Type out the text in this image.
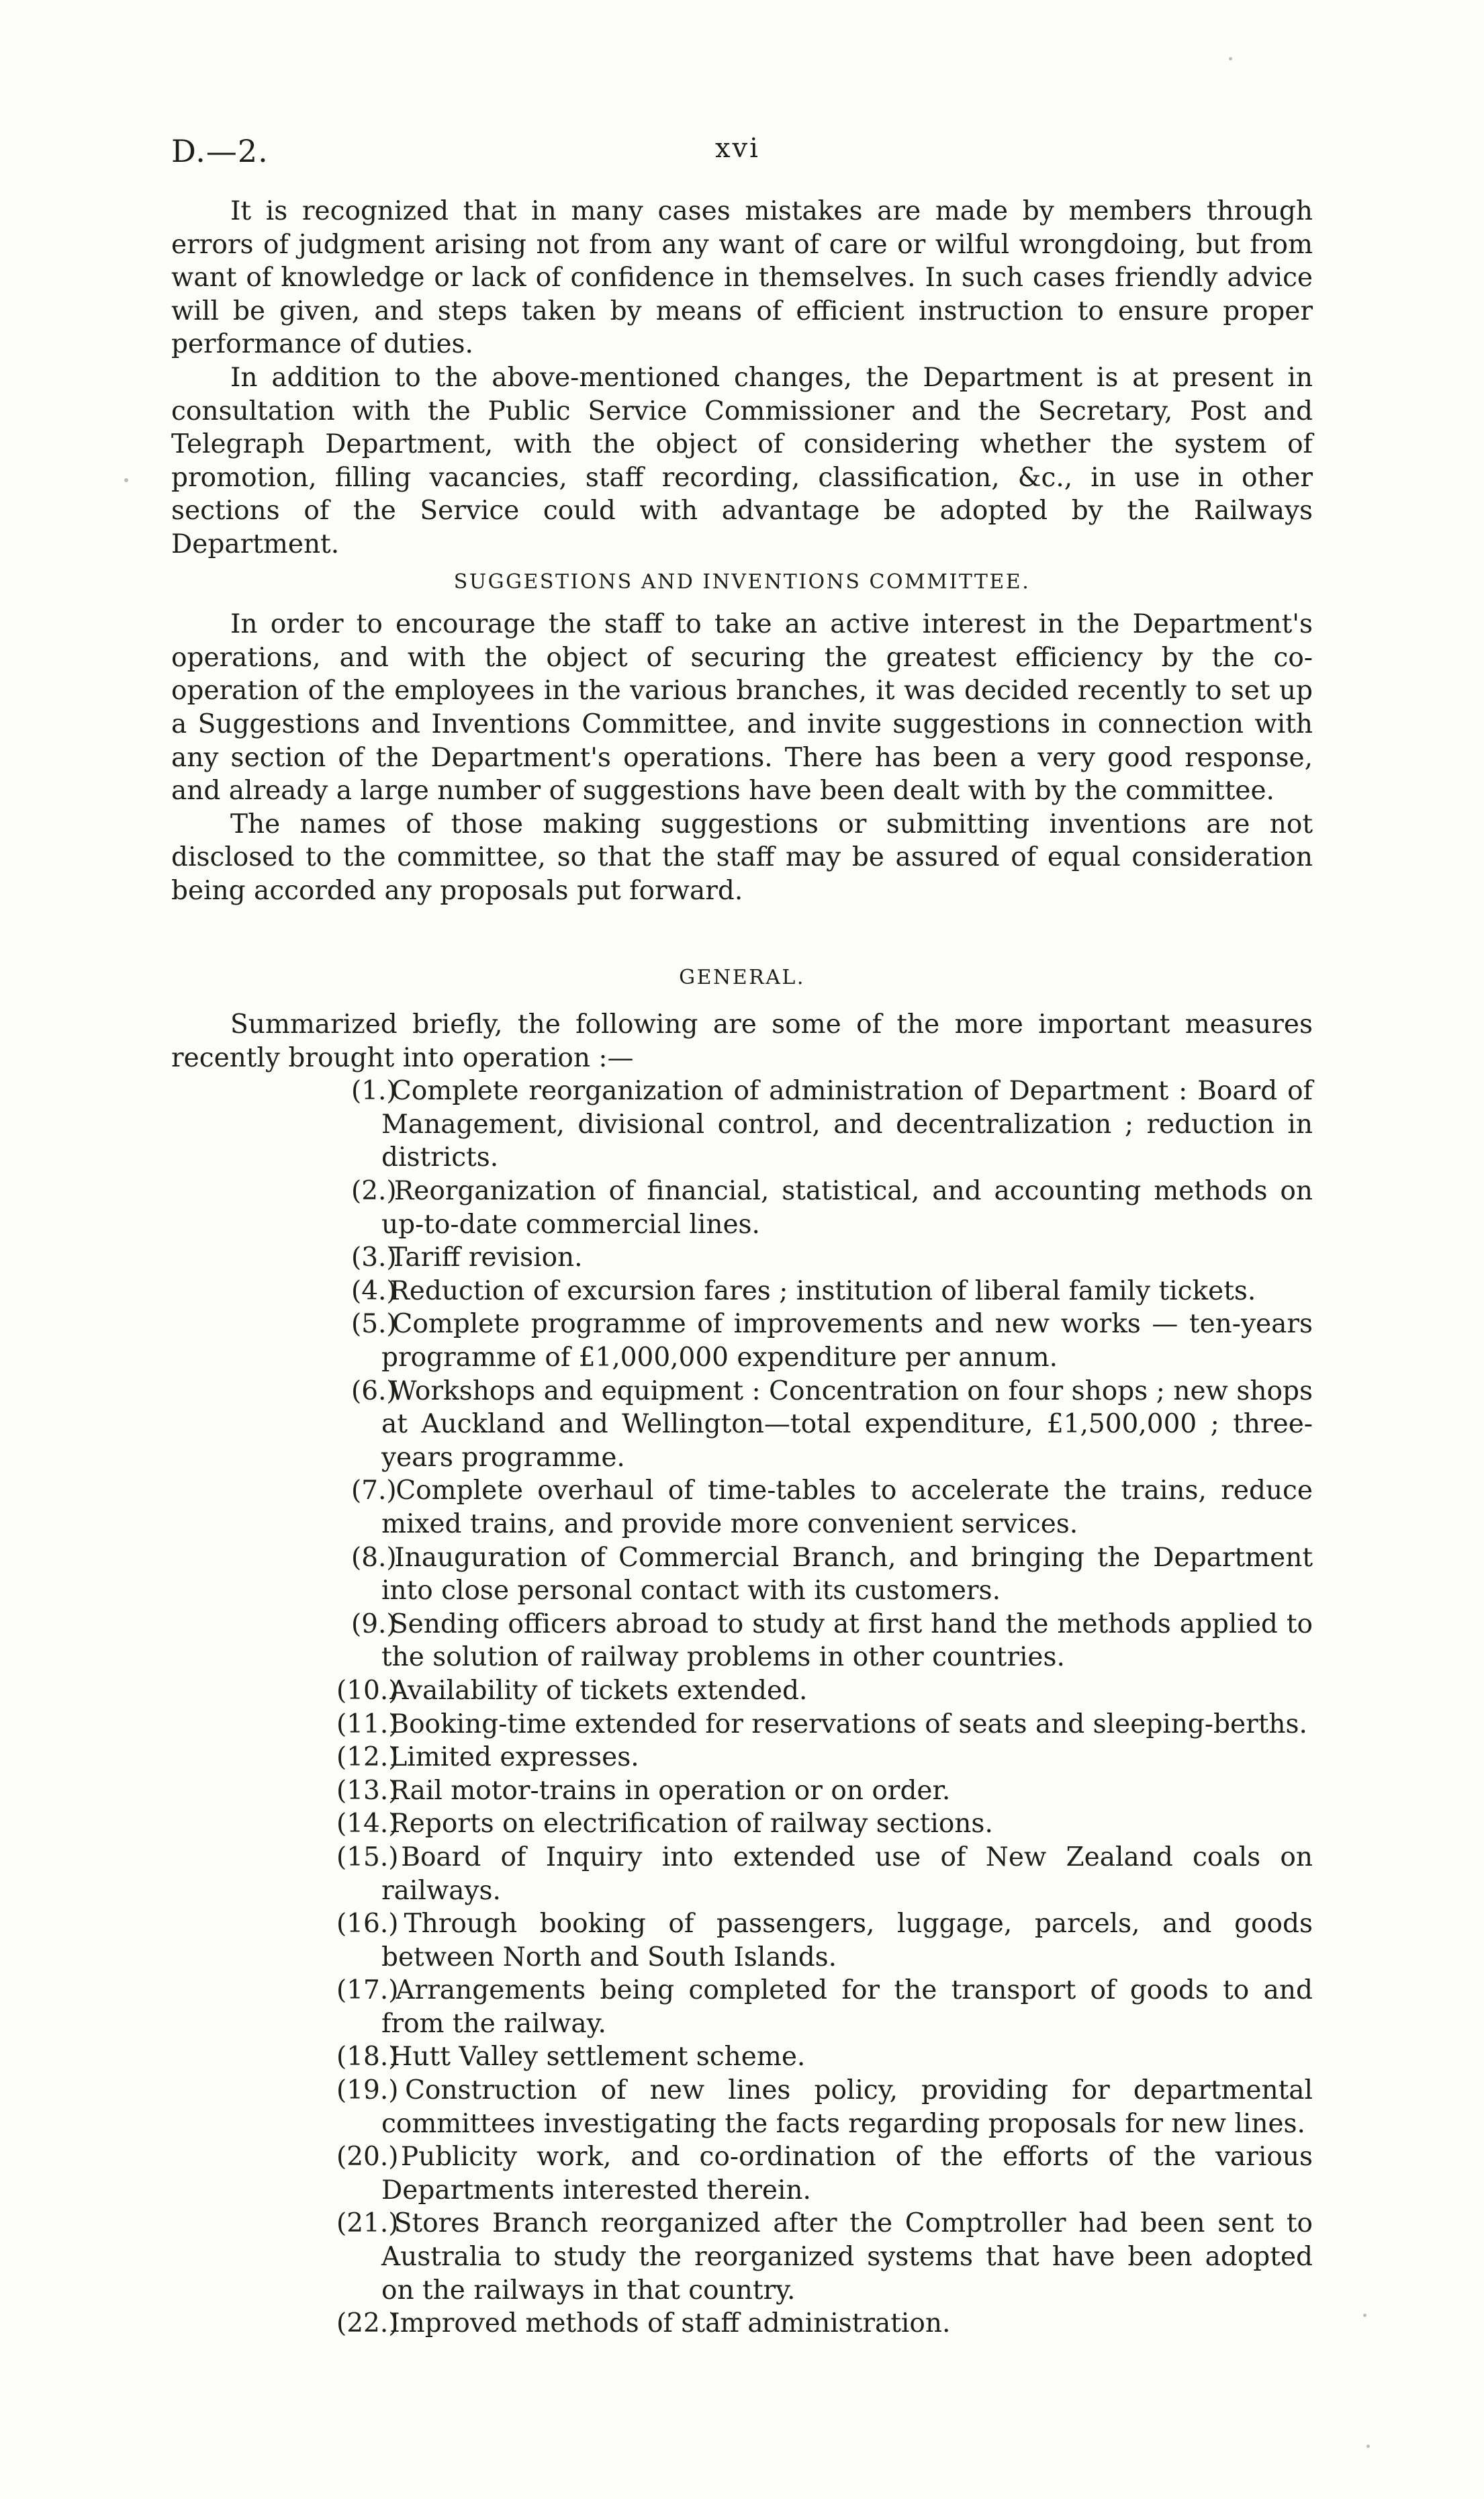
D.—2.	xvi

It is recognized that in many cases mistakes are made by members through errors of judgment arising not from any want of care or wilful wrongdoing, but from want of knowledge or lack of confidence in themselves. In such cases friendly advice will be given, and steps taken by means of efficient instruction to ensure proper performance of duties.

In addition to the above-mentioned changes, the Department is at present in consultation with the Public Service Commissioner and the Secretary, Post and Telegraph Department, with the object of considering whether the system of promotion, filling vacancies, staff recording, classification, &c., in use in other sections of the Service could with advantage be adopted by the Railways Department.

SUGGESTIONS AND INVENTIONS COMMITTEE.

In order to encourage the staff to take an active interest in the Department's operations, and with the object of securing the greatest efficiency by the co-operation of the employees in the various branches, it was decided recently to set up a Suggestions and Inventions Committee, and invite suggestions in connection with any section of the Department's operations. There has been a very good response, and already a large number of suggestions have been dealt with by the committee.

The names of those making suggestions or submitting inventions are not disclosed to the committee, so that the staff may be assured of equal consideration being accorded any proposals put forward.

GENERAL.

Summarized briefly, the following are some of the more important measures recently brought into operation :—

(1.) Complete reorganization of administration of Department : Board of Management, divisional control, and decentralization ; reduction in districts.
(2.) Reorganization of financial, statistical, and accounting methods on up-to-date commercial lines.
(3.) Tariff revision.
(4.) Reduction of excursion fares ; institution of liberal family tickets.
(5.) Complete programme of improvements and new works — ten-years programme of £1,000,000 expenditure per annum.
(6.) Workshops and equipment : Concentration on four shops ; new shops at Auckland and Wellington—total expenditure, £1,500,000 ; three-years programme.
(7.) Complete overhaul of time-tables to accelerate the trains, reduce mixed trains, and provide more convenient services.
(8.) Inauguration of Commercial Branch, and bringing the Department into close personal contact with its customers.
(9.) Sending officers abroad to study at first hand the methods applied to the solution of railway problems in other countries.
(10.) Availability of tickets extended.
(11.) Booking-time extended for reservations of seats and sleeping-berths.
(12.) Limited expresses.
(13.) Rail motor-trains in operation or on order.
(14.) Reports on electrification of railway sections.
(15.) Board of Inquiry into extended use of New Zealand coals on railways.
(16.) Through booking of passengers, luggage, parcels, and goods between North and South Islands.
(17.) Arrangements being completed for the transport of goods to and from the railway.
(18.) Hutt Valley settlement scheme.
(19.) Construction of new lines policy, providing for departmental committees investigating the facts regarding proposals for new lines.
(20.) Publicity work, and co-ordination of the efforts of the various Departments interested therein.
(21.) Stores Branch reorganized after the Comptroller had been sent to Australia to study the reorganized systems that have been adopted on the railways in that country.
(22.) Improved methods of staff administration.
